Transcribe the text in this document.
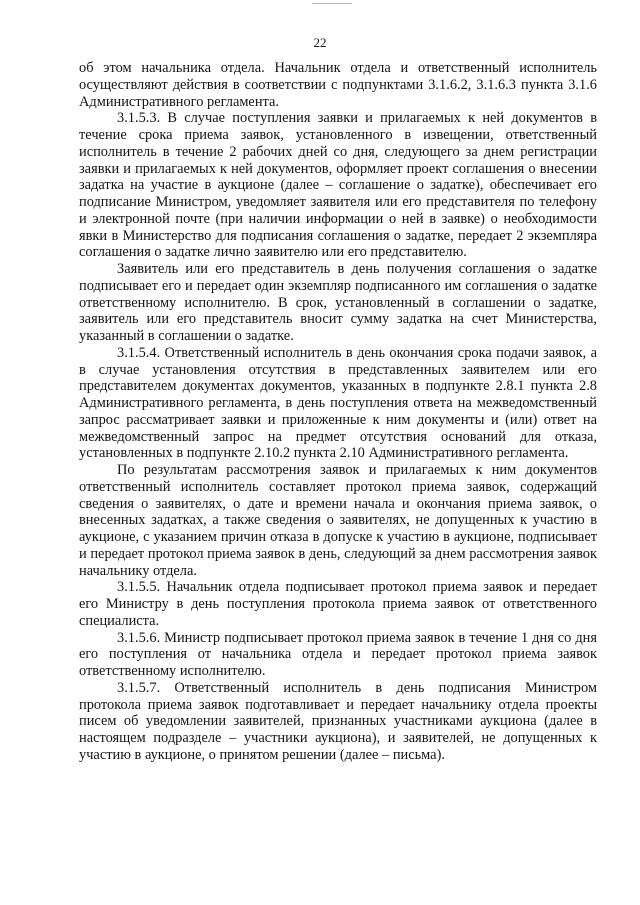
22

об этом начальника отдела. Начальник отдела и ответственный исполнитель осуществляют действия в соответствии с подпунктами 3.1.6.2, 3.1.6.3 пункта 3.1.6 Административного регламента.

3.1.5.3. В случае поступления заявки и прилагаемых к ней документов в течение срока приема заявок, установленного в извещении, ответственный исполнитель в течение 2 рабочих дней со дня, следующего за днем регистрации заявки и прилагаемых к ней документов, оформляет проект соглашения о внесении задатка на участие в аукционе (далее – соглашение о задатке), обеспечивает его подписание Министром, уведомляет заявителя или его представителя по телефону и электронной почте (при наличии информации о ней в заявке) о необходимости явки в Министерство для подписания соглашения о задатке, передает 2 экземпляра соглашения о задатке лично заявителю или его представителю.

Заявитель или его представитель в день получения соглашения о задатке подписывает его и передает один экземпляр подписанного им соглашения о задатке ответственному исполнителю. В срок, установленный в соглашении о задатке, заявитель или его представитель вносит сумму задатка на счет Министерства, указанный в соглашении о задатке.

3.1.5.4. Ответственный исполнитель в день окончания срока подачи заявок, а в случае установления отсутствия в представленных заявителем или его представителем документах документов, указанных в подпункте 2.8.1 пункта 2.8 Административного регламента, в день поступления ответа на межведомственный запрос рассматривает заявки и приложенные к ним документы и (или) ответ на межведомственный запрос на предмет отсутствия оснований для отказа, установленных в подпункте 2.10.2 пункта 2.10 Административного регламента.

По результатам рассмотрения заявок и прилагаемых к ним документов ответственный исполнитель составляет протокол приема заявок, содержащий сведения о заявителях, о дате и времени начала и окончания приема заявок, о внесенных задатках, а также сведения о заявителях, не допущенных к участию в аукционе, с указанием причин отказа в допуске к участию в аукционе, подписывает и передает протокол приема заявок в день, следующий за днем рассмотрения заявок начальнику отдела.

3.1.5.5. Начальник отдела подписывает протокол приема заявок и передает его Министру в день поступления протокола приема заявок от ответственного специалиста.

3.1.5.6. Министр подписывает протокол приема заявок в течение 1 дня со дня его поступления от начальника отдела и передает протокол приема заявок ответственному исполнителю.

3.1.5.7. Ответственный исполнитель в день подписания Министром протокола приема заявок подготавливает и передает начальнику отдела проекты писем об уведомлении заявителей, признанных участниками аукциона (далее в настоящем подразделе – участники аукциона), и заявителей, не допущенных к участию в аукционе, о принятом решении (далее – письма).
